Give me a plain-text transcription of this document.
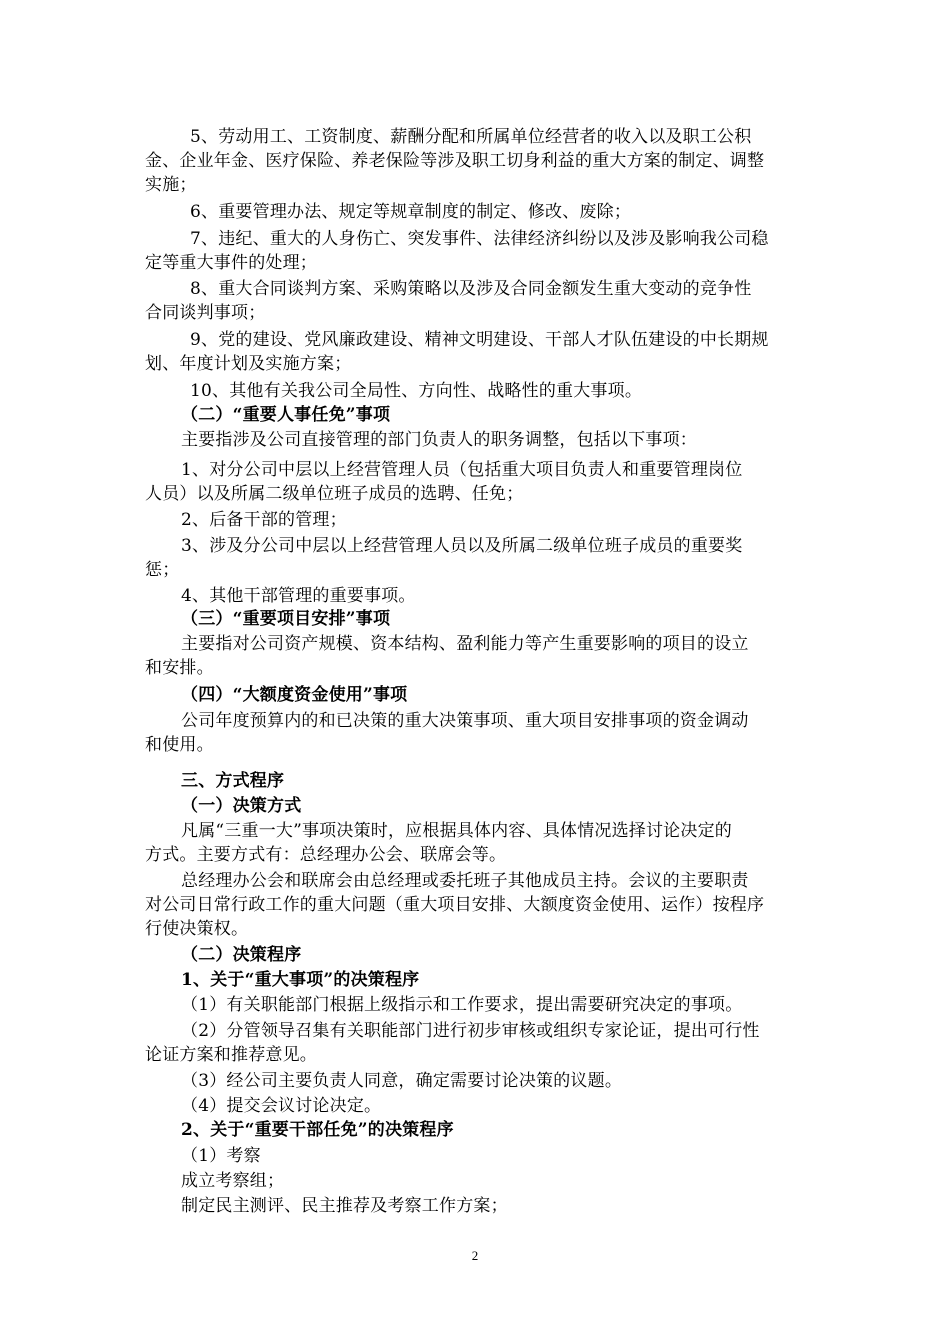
5、劳动用工、工资制度、薪酬分配和所属单位经营者的收入以及职工公积
金、企业年金、医疗保险、养老保险等涉及职工切身利益的重大方案的制定、调整
实施；
6、重要管理办法、规定等规章制度的制定、修改、废除；
7、违纪、重大的人身伤亡、突发事件、法律经济纠纷以及涉及影响我公司稳
定等重大事件的处理；
8、重大合同谈判方案、采购策略以及涉及合同金额发生重大变动的竞争性
合同谈判事项；
9、党的建设、党风廉政建设、精神文明建设、干部人才队伍建设的中长期规
划、年度计划及实施方案；
10、其他有关我公司全局性、方向性、战略性的重大事项。
（二）“重要人事任免”事项
主要指涉及公司直接管理的部门负责人的职务调整，包括以下事项：
1、对分公司中层以上经营管理人员（包括重大项目负责人和重要管理岗位
人员）以及所属二级单位班子成员的选聘、任免；
2、后备干部的管理；
3、涉及分公司中层以上经营管理人员以及所属二级单位班子成员的重要奖
惩；
4、其他干部管理的重要事项。
（三）“重要项目安排”事项
主要指对公司资产规模、资本结构、盈利能力等产生重要影响的项目的设立
和安排。
（四）“大额度资金使用”事项
公司年度预算内的和已决策的重大决策事项、重大项目安排事项的资金调动
和使用。
三、方式程序
（一）决策方式
凡属“三重一大”事项决策时，应根据具体内容、具体情况选择讨论决定的
方式。主要方式有：总经理办公会、联席会等。
总经理办公会和联席会由总经理或委托班子其他成员主持。会议的主要职责
对公司日常行政工作的重大问题（重大项目安排、大额度资金使用、运作）按程序
行使决策权。
（二）决策程序
1、关于“重大事项”的决策程序
（1）有关职能部门根据上级指示和工作要求，提出需要研究决定的事项。
（2）分管领导召集有关职能部门进行初步审核或组织专家论证，提出可行性
论证方案和推荐意见。
（3）经公司主要负责人同意，确定需要讨论决策的议题。
（4）提交会议讨论决定。
2、关于“重要干部任免”的决策程序
（1）考察
成立考察组；
制定民主测评、民主推荐及考察工作方案；
2
